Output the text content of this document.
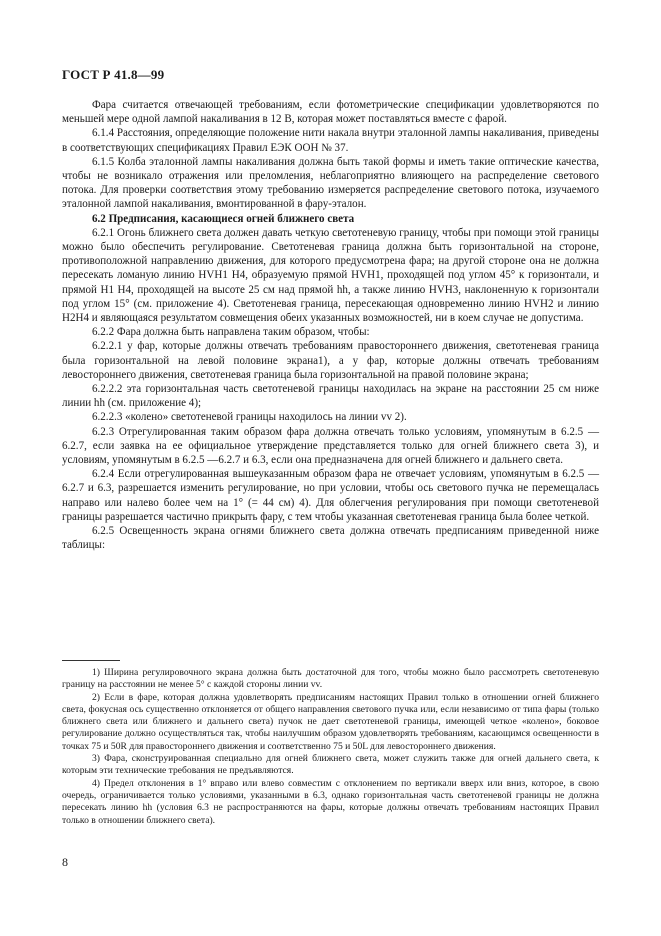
ГОСТ Р 41.8—99

Фара считается отвечающей требованиям, если фотометрические спецификации удовлетворяются по меньшей мере одной лампой накаливания в 12 В, которая может поставляться вместе с фарой.

6.1.4 Расстояния, определяющие положение нити накала внутри эталонной лампы накаливания, приведены в соответствующих спецификациях Правил ЕЭК ООН № 37.

6.1.5 Колба эталонной лампы накаливания должна быть такой формы и иметь такие оптические качества, чтобы не возникало отражения или преломления, неблагоприятно влияющего на распределение светового потока. Для проверки соответствия этому требованию измеряется распределение светового потока, изучаемого эталонной лампой накаливания, вмонтированной в фару-эталон.

6.2 Предписания, касающиеся огней ближнего света

6.2.1 Огонь ближнего света должен давать четкую светотеневую границу, чтобы при помощи этой границы можно было обеспечить регулирование. Светотеневая граница должна быть горизонтальной на стороне, противоположной направлению движения, для которого предусмотрена фара; на другой стороне она не должна пересекать ломаную линию HVH1 H4, образуемую прямой HVH1, проходящей под углом 45° к горизонтали, и прямой H1 H4, проходящей на высоте 25 см над прямой hh, а также линию HVH3, наклоненную к горизонтали под углом 15° (см. приложение 4). Светотеневая граница, пересекающая одновременно линию HVH2 и линию H2H4 и являющаяся результатом совмещения обеих указанных возможностей, ни в коем случае не допустима.

6.2.2 Фара должна быть направлена таким образом, чтобы:

6.2.2.1 у фар, которые должны отвечать требованиям правостороннего движения, светотеневая граница была горизонтальной на левой половине экрана1), а у фар, которые должны отвечать требованиям левостороннего движения, светотеневая граница была горизонтальной на правой половине экрана;

6.2.2.2 эта горизонтальная часть светотеневой границы находилась на экране на расстоянии 25 см ниже линии hh (см. приложение 4);

6.2.2.3 «колено» светотеневой границы находилось на линии vv 2).

6.2.3 Отрегулированная таким образом фара должна отвечать только условиям, упомянутым в 6.2.5 —6.2.7, если заявка на ее официальное утверждение представляется только для огней ближнего света 3), и условиям, упомянутым в 6.2.5 —6.2.7 и 6.3, если она предназначена для огней ближнего и дальнего света.

6.2.4 Если отрегулированная вышеуказанным образом фара не отвечает условиям, упомянутым в 6.2.5 — 6.2.7 и 6.3, разрешается изменить регулирование, но при условии, чтобы ось светового пучка не перемещалась направо или налево более чем на 1° (= 44 см) 4). Для облегчения регулирования при помощи светотеневой границы разрешается частично прикрыть фару, с тем чтобы указанная светотеневая граница была более четкой.

6.2.5 Освещенность экрана огнями ближнего света должна отвечать предписаниям приведенной ниже таблицы:

1) Ширина регулировочного экрана должна быть достаточной для того, чтобы можно было рассмотреть светотеневую границу на расстоянии не менее 5° с каждой стороны линии vv.

2) Если в фаре, которая должна удовлетворять предписаниям настоящих Правил только в отношении огней ближнего света, фокусная ось существенно отклоняется от общего направления светового пучка или, если независимо от типа фары (только ближнего света или ближнего и дальнего света) пучок не дает светотеневой границы, имеющей четкое «колено», боковое регулирование должно осуществляться так, чтобы наилучшим образом удовлетворять требованиям, касающимся освещенности в точках 75 и 50R для правостороннего движения и соответственно 75 и 50L для левостороннего движения.

3) Фара, сконструированная специально для огней ближнего света, может служить также для огней дальнего света, к которым эти технические требования не предъявляются.

4) Предел отклонения в 1° вправо или влево совместим с отклонением по вертикали вверх или вниз, которое, в свою очередь, ограничивается только условиями, указанными в 6.3, однако горизонтальная часть светотеневой границы не должна пересекать линию hh (условия 6.3 не распространяются на фары, которые должны отвечать требованиям настоящих Правил только в отношении ближнего света).

8
